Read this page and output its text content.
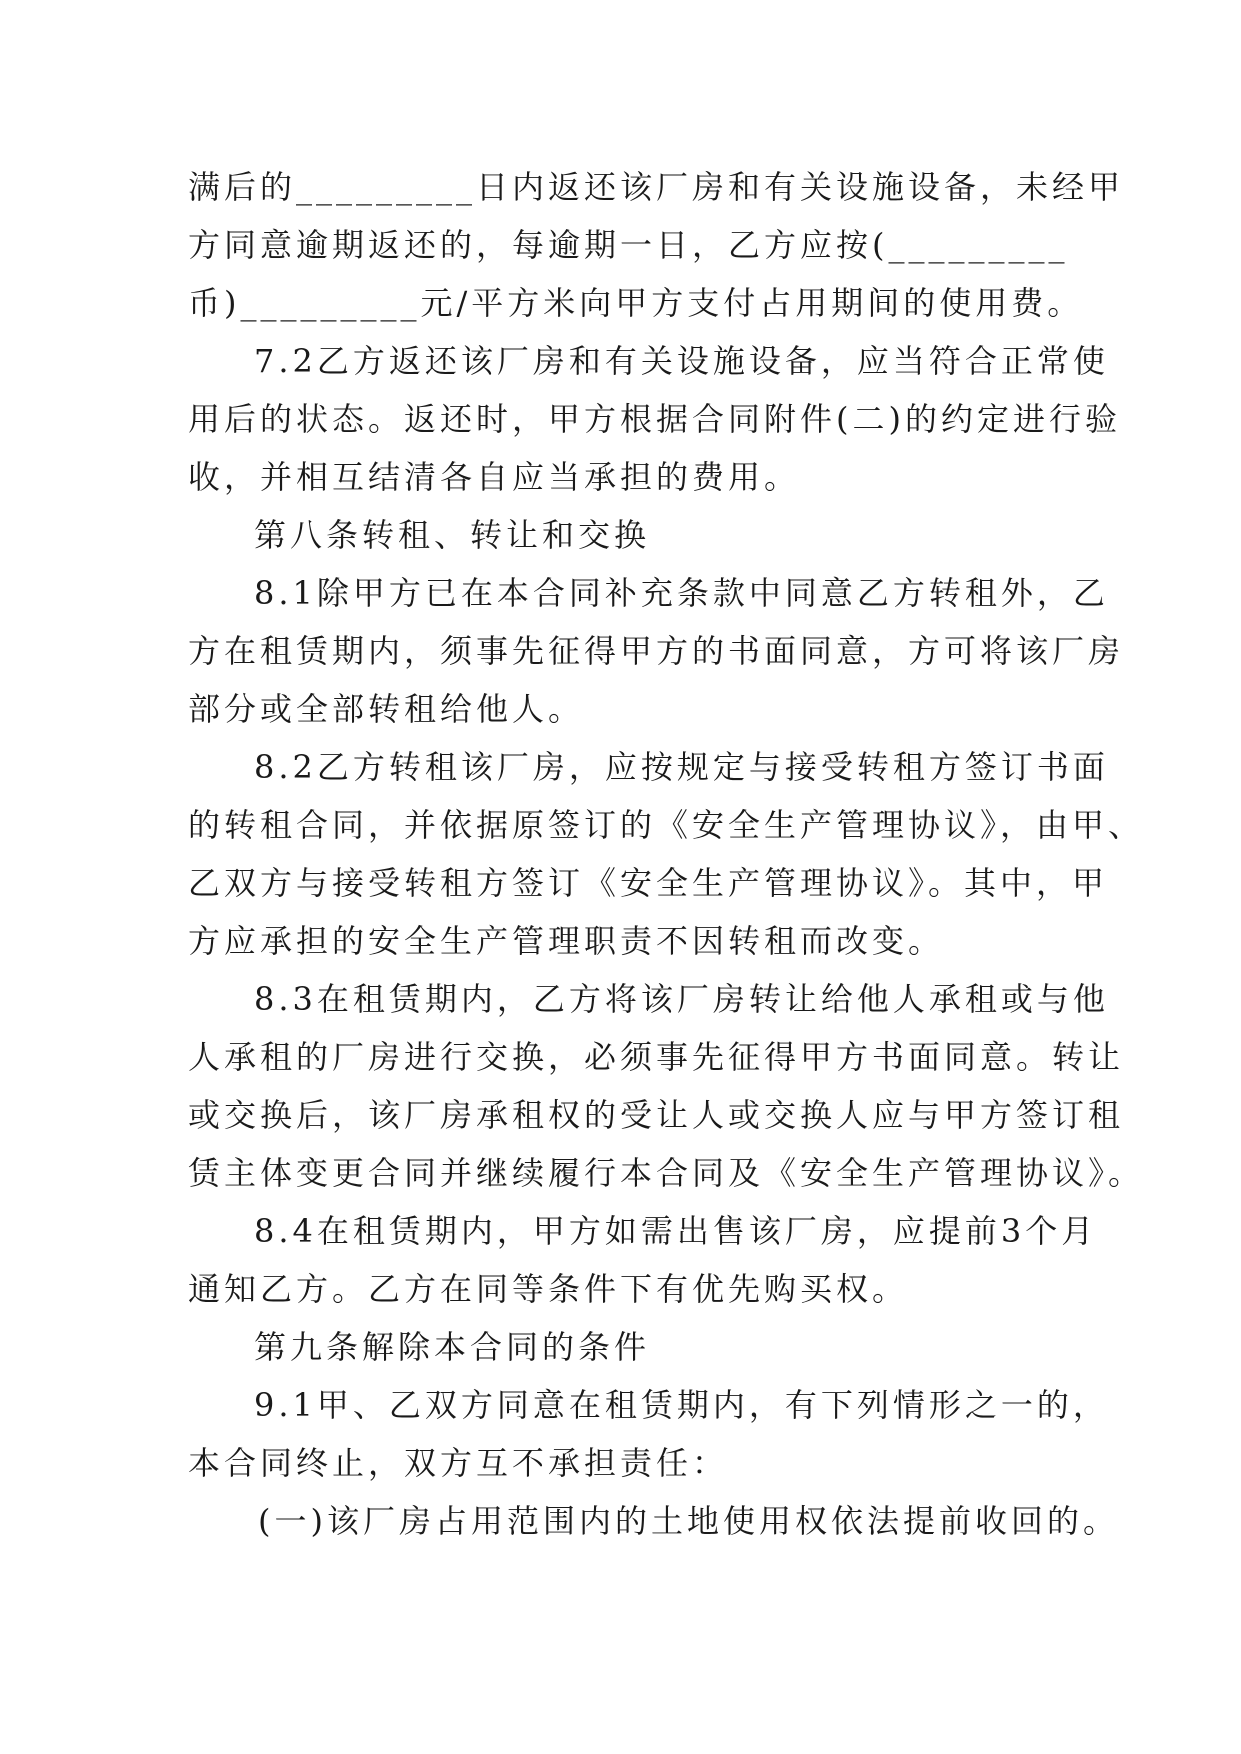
满后的_________日内返还该厂房和有关设施设备，未经甲
方同意逾期返还的，每逾期一日，乙方应按(_________
币)_________元/平方米向甲方支付占用期间的使用费。
7.2乙方返还该厂房和有关设施设备，应当符合正常使
用后的状态。返还时，甲方根据合同附件(二)的约定进行验
收，并相互结清各自应当承担的费用。
第八条转租、转让和交换
8.1除甲方已在本合同补充条款中同意乙方转租外，乙
方在租赁期内，须事先征得甲方的书面同意，方可将该厂房
部分或全部转租给他人。
8.2乙方转租该厂房，应按规定与接受转租方签订书面
的转租合同，并依据原签订的《安全生产管理协议》，由甲、
乙双方与接受转租方签订《安全生产管理协议》。其中，甲
方应承担的安全生产管理职责不因转租而改变。
8.3在租赁期内，乙方将该厂房转让给他人承租或与他
人承租的厂房进行交换，必须事先征得甲方书面同意。转让
或交换后，该厂房承租权的受让人或交换人应与甲方签订租
赁主体变更合同并继续履行本合同及《安全生产管理协议》。
8.4在租赁期内，甲方如需出售该厂房，应提前3个月
通知乙方。乙方在同等条件下有优先购买权。
第九条解除本合同的条件
9.1甲、乙双方同意在租赁期内，有下列情形之一的，
本合同终止，双方互不承担责任：
(一)该厂房占用范围内的土地使用权依法提前收回的。
